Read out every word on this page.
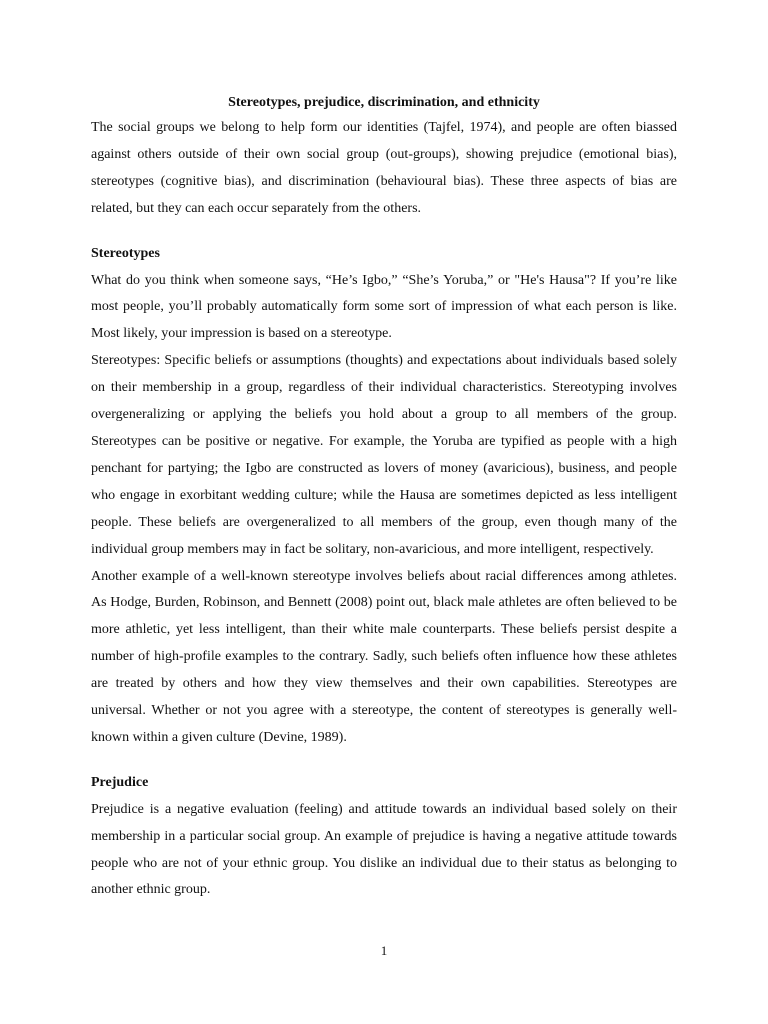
Stereotypes, prejudice, discrimination, and ethnicity

The social groups we belong to help form our identities (Tajfel, 1974), and people are often biassed against others outside of their own social group (out-groups), showing prejudice (emotional bias), stereotypes (cognitive bias), and discrimination (behavioural bias). These three aspects of bias are related, but they can each occur separately from the others.

Stereotypes

What do you think when someone says, “He’s Igbo,” “She’s Yoruba,” or "He's Hausa"? If you’re like most people, you’ll probably automatically form some sort of impression of what each person is like. Most likely, your impression is based on a stereotype.

Stereotypes: Specific beliefs or assumptions (thoughts) and expectations about individuals based solely on their membership in a group, regardless of their individual characteristics. Stereotyping involves overgeneralizing or applying the beliefs you hold about a group to all members of the group. Stereotypes can be positive or negative. For example, the Yoruba are typified as people with a high penchant for partying; the Igbo are constructed as lovers of money (avaricious), business, and people who engage in exorbitant wedding culture; while the Hausa are sometimes depicted as less intelligent people. These beliefs are overgeneralized to all members of the group, even though many of the individual group members may in fact be solitary, non-avaricious, and more intelligent, respectively.

Another example of a well-known stereotype involves beliefs about racial differences among athletes. As Hodge, Burden, Robinson, and Bennett (2008) point out, black male athletes are often believed to be more athletic, yet less intelligent, than their white male counterparts. These beliefs persist despite a number of high-profile examples to the contrary. Sadly, such beliefs often influence how these athletes are treated by others and how they view themselves and their own capabilities. Stereotypes are universal. Whether or not you agree with a stereotype, the content of stereotypes is generally well-known within a given culture (Devine, 1989).

Prejudice

Prejudice is a negative evaluation (feeling) and attitude towards an individual based solely on their membership in a particular social group. An example of prejudice is having a negative attitude towards people who are not of your ethnic group. You dislike an individual due to their status as belonging to another ethnic group.

1
